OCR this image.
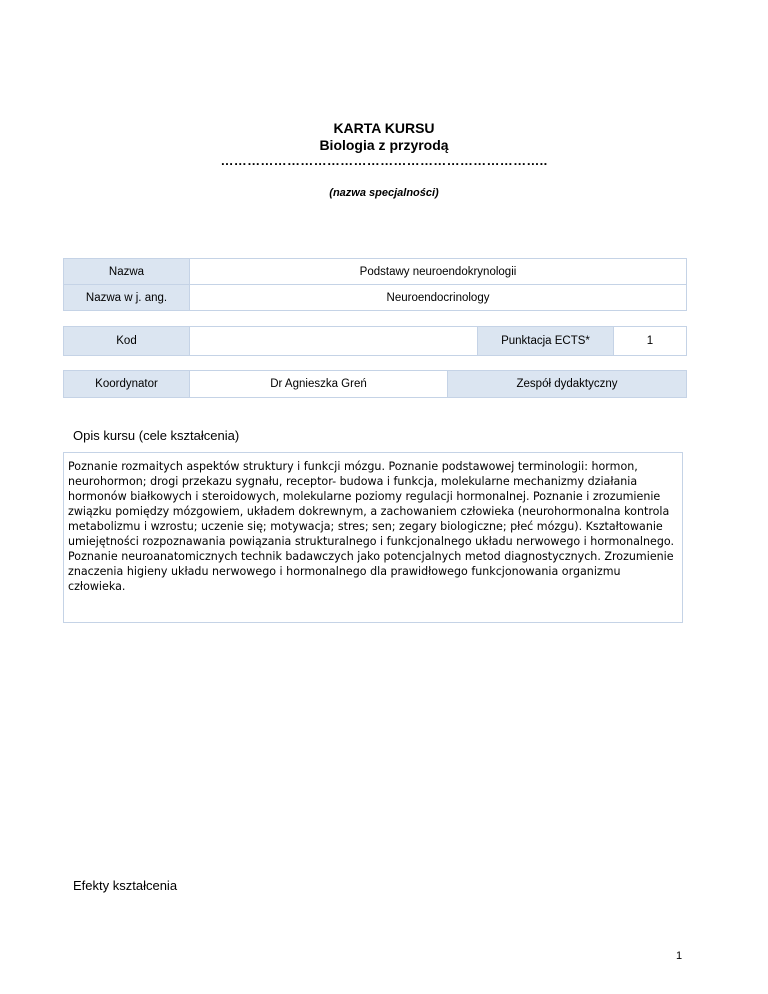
KARTA KURSU
Biologia z przyrodą
………………………………………………………………..
(nazwa specjalności)
Nazwa	Podstawy neuroendokrynologii
Nazwa w j. ang.	Neuroendocrinology
Kod		Punktacja ECTS*	1
Koordynator	Dr Agnieszka Greń	Zespół dydaktyczny
Opis kursu (cele kształcenia)
Poznanie rozmaitych aspektów struktury i funkcji mózgu. Poznanie podstawowej terminologii: hormon, neurohormon; drogi przekazu sygnału, receptor- budowa i funkcja, molekularne mechanizmy działania hormonów białkowych i steroidowych, molekularne poziomy regulacji hormonalnej. Poznanie i zrozumienie związku pomiędzy mózgowiem, układem dokrewnym, a zachowaniem człowieka (neurohormonalna kontrola metabolizmu i wzrostu; uczenie się; motywacja; stres; sen; zegary biologiczne; płeć mózgu). Kształtowanie umiejętności rozpoznawania powiązania strukturalnego i funkcjonalnego układu nerwowego i hormonalnego. Poznanie neuroanatomicznych technik badawczych jako potencjalnych metod diagnostycznych. Zrozumienie znaczenia higieny układu nerwowego i hormonalnego dla prawidłowego funkcjonowania organizmu człowieka.
Efekty kształcenia
1
